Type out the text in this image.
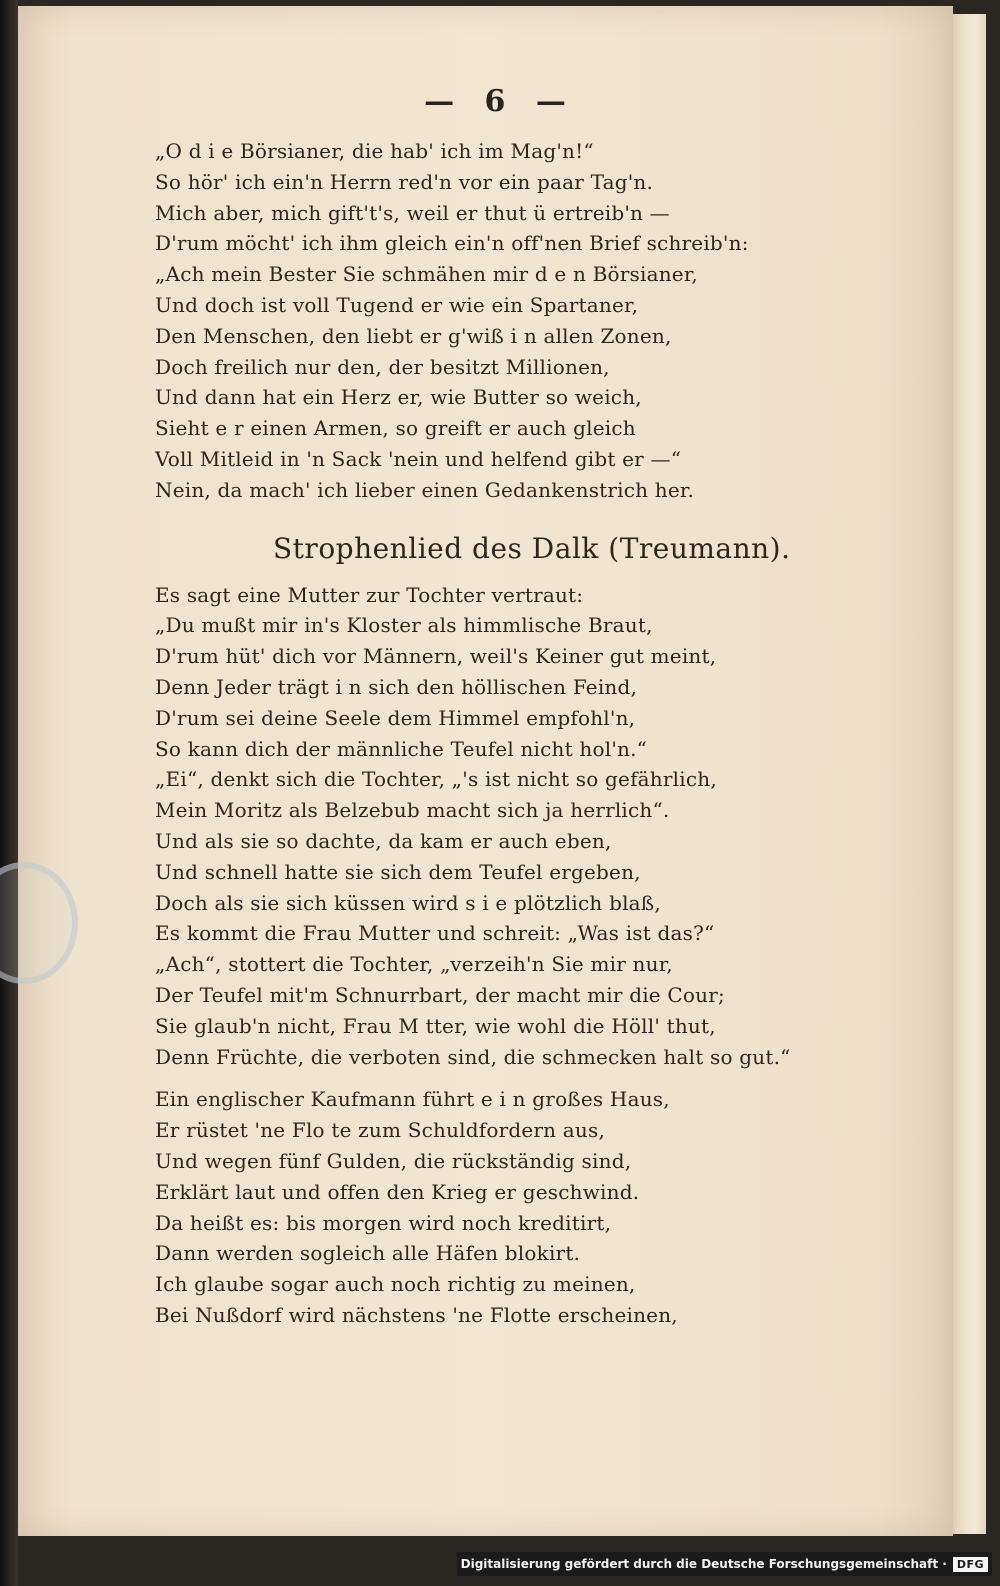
— 6 —
„O d i e Börsianer, die hab' ich im Mag'n!“
So hör' ich ein'n Herrn red'n vor ein paar Tag'n.
Mich aber, mich gift't's, weil er thut ü ertreib'n —
D'rum möcht' ich ihm gleich ein'n off'nen Brief schreib'n:
„Ach mein Bester Sie schmähen mir d e n Börsianer,
Und doch ist voll Tugend er wie ein Spartaner,
Den Menschen, den liebt er g'wiß i n allen Zonen,
Doch freilich nur den, der besitzt Millionen,
Und dann hat ein Herz er, wie Butter so weich,
Sieht e r einen Armen, so greift er auch gleich
Voll Mitleid in 'n Sack 'nein und helfend gibt er —“
Nein, da mach' ich lieber einen Gedankenstrich her.
Strophenlied des Dalk (Treumann).
Es sagt eine Mutter zur Tochter vertraut:
„Du mußt mir in's Kloster als himmlische Braut,
D'rum hüt' dich vor Männern, weil's Keiner gut meint,
Denn Jeder trägt i n sich den höllischen Feind,
D'rum sei deine Seele dem Himmel empfohl'n,
So kann dich der männliche Teufel nicht hol'n.“
„Ei“, denkt sich die Tochter, „'s ist nicht so gefährlich,
Mein Moritz als Belzebub macht sich ja herrlich“.
Und als sie so dachte, da kam er auch eben,
Und schnell hatte sie sich dem Teufel ergeben,
Doch als sie sich küssen wird s i e plötzlich blaß,
Es kommt die Frau Mutter und schreit: „Was ist das?“
„Ach“, stottert die Tochter, „verzeih'n Sie mir nur,
Der Teufel mit'm Schnurrbart, der macht mir die Cour;
Sie glaub'n nicht, Frau M tter, wie wohl die Höll' thut,
Denn Früchte, die verboten sind, die schmecken halt so gut.“
Ein englischer Kaufmann führt e i n großes Haus,
Er rüstet 'ne Flo te zum Schuldfordern aus,
Und wegen fünf Gulden, die rückständig sind,
Erklärt laut und offen den Krieg er geschwind.
Da heißt es: bis morgen wird noch kreditirt,
Dann werden sogleich alle Häfen blokirt.
Ich glaube sogar auch noch richtig zu meinen,
Bei Nußdorf wird nächstens 'ne Flotte erscheinen,
Digitalisierung gefördert durch die Deutsche Forschungsgemeinschaft · DFG
